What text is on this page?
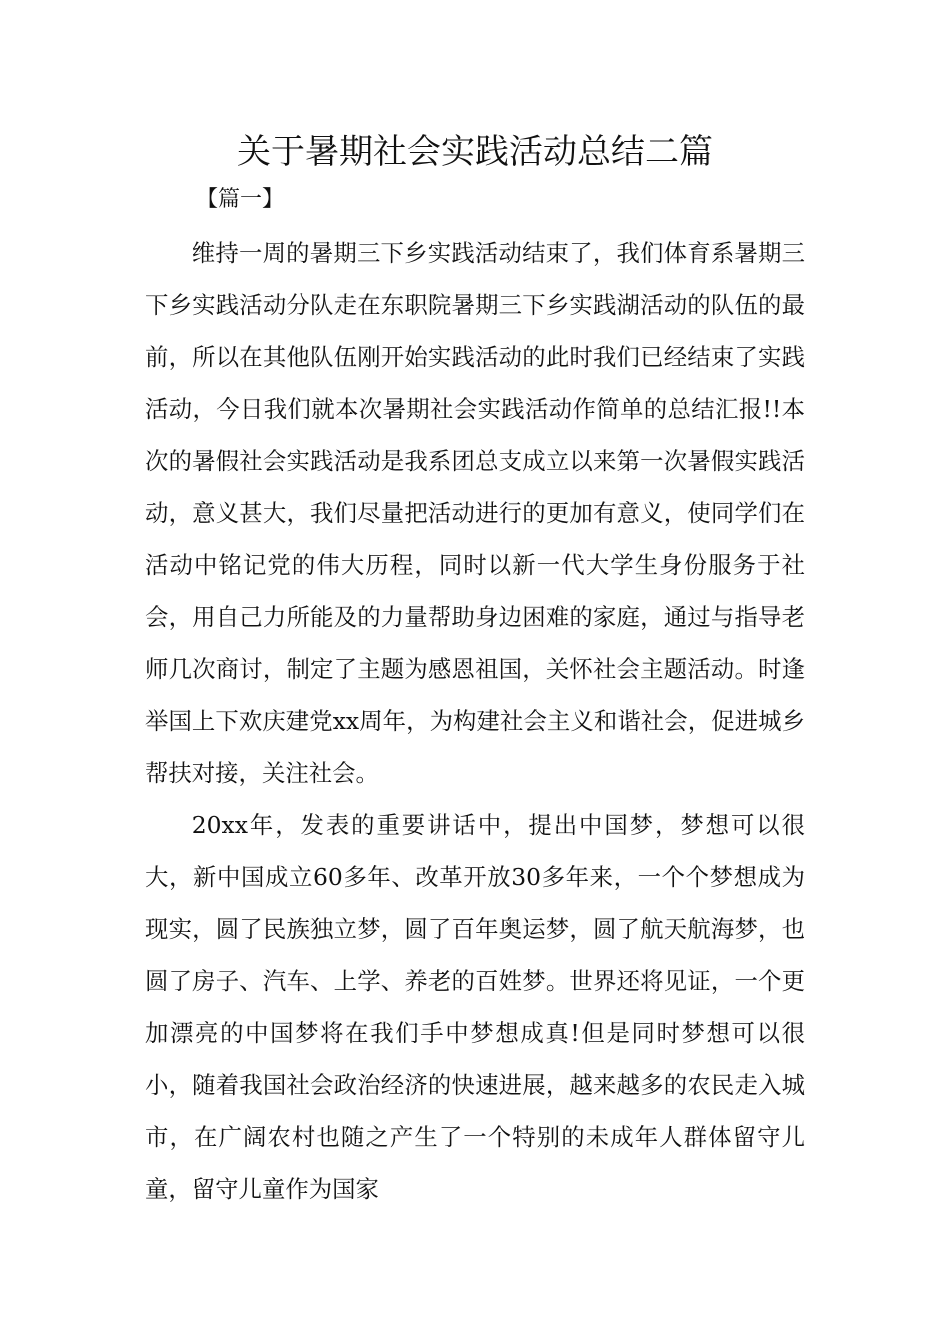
关于暑期社会实践活动总结二篇
【篇一】

维持一周的暑期三下乡实践活动结束了，我们体育系暑期三下乡实践活动分队走在东职院暑期三下乡实践湖活动的队伍的最前，所以在其他队伍刚开始实践活动的此时我们已经结束了实践活动，今日我们就本次暑期社会实践活动作简单的总结汇报!!本次的暑假社会实践活动是我系团总支成立以来第一次暑假实践活动，意义甚大，我们尽量把活动进行的更加有意义，使同学们在活动中铭记党的伟大历程，同时以新一代大学生身份服务于社会，用自己力所能及的力量帮助身边困难的家庭，通过与指导老师几次商讨，制定了主题为感恩祖国，关怀社会主题活动。时逢举国上下欢庆建党xx周年，为构建社会主义和谐社会，促进城乡帮扶对接，关注社会。

20xx年，发表的重要讲话中，提出中国梦，梦想可以很大，新中国成立60多年、改革开放30多年来，一个个梦想成为现实，圆了民族独立梦，圆了百年奥运梦，圆了航天航海梦，也圆了房子、汽车、上学、养老的百姓梦。世界还将见证，一个更加漂亮的中国梦将在我们手中梦想成真!但是同时梦想可以很小，随着我国社会政治经济的快速进展，越来越多的农民走入城市，在广阔农村也随之产生了一个特别的未成年人群体留守儿童，留守儿童作为国家
